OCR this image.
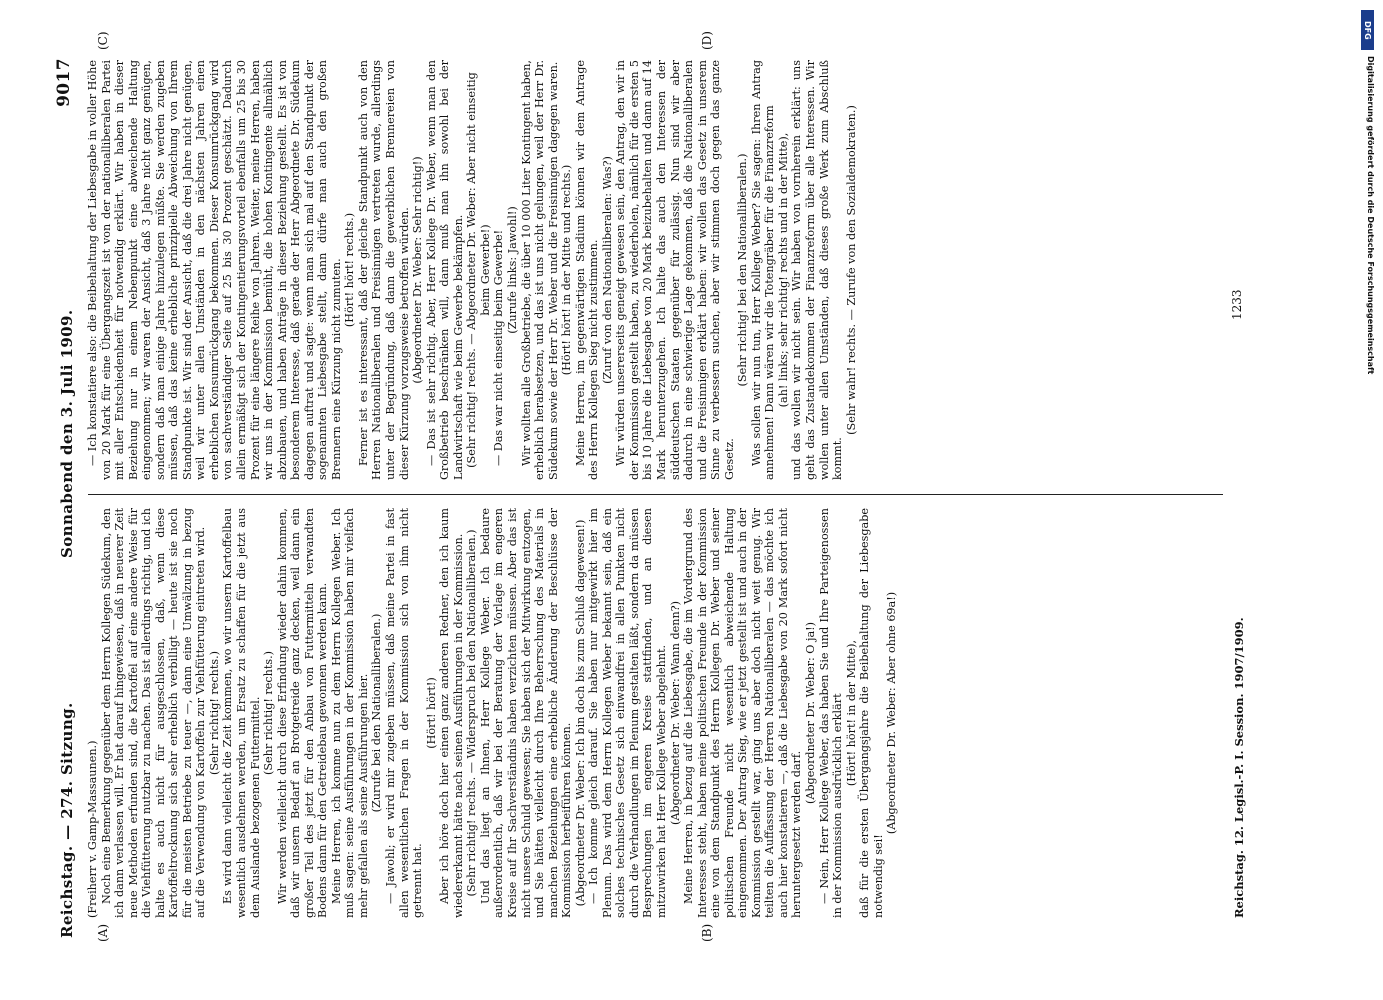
Reichstag. — 274. Sitzung.
Sonnabend den 3. Juli 1909.
9017
(A)	(B)
(C)	(D)

(Freiherr v. Gamp-Massaunen.) Noch eine Bemerkung gegenüber dem Herrn Kollegen Südekum, den ich dann verlassen will. Er hat darauf hingewiesen, daß in neuerer Zeit neue Methoden erfunden sind, die Kartoffel auf eine andere Weise für die Viehfütterung nutzbar zu machen. Das ist allerdings richtig, und ich halte es auch nicht für ausgeschlossen, daß, wenn diese Kartoffeltrocknung sich sehr erheblich verbilligt — heute ist sie noch für die meisten Betriebe zu teuer —, dann eine Umwälzung in bezug auf die Verwendung von Kartoffeln zur Viehfütterung eintreten wird. (Sehr richtig! rechts.) Es wird dann vielleicht die Zeit kommen, wo wir unsern Kartoffelbau wesentlich ausdehnen werden, um Ersatz zu schaffen für die jetzt aus dem Auslande bezogenen Futtermittel. (Sehr richtig! rechts.) Wir werden vielleicht durch diese Erfindung wieder dahin kommen, daß wir unsern Bedarf an Brotgetreide ganz decken, weil dann ein großer Teil des jetzt für den Anbau von Futtermitteln verwandten Bodens dann für den Getreidebau gewonnen werden kann. Meine Herren, ich komme nun zu dem Herrn Kollegen Weber. Ich muß sagen: seine Ausführungen in der Kommission haben mir vielfach mehr gefallen als seine Ausführungen hier. (Zurufe bei den Nationalliberalen.) — Jawohl; er wird mir zugeben müssen, daß meine Partei in fast allen wesentlichen Fragen in der Kommission sich von ihm nicht getrennt hat.

(Hört! hört!) Aber ich höre doch hier einen ganz anderen Redner, den ich kaum wiedererkannt hätte nach seinen Ausführungen in der Kommission. (Sehr richtig! rechts. — Widerspruch bei den Nationalliberalen.) Und das liegt an Ihnen, Herr Kollege Weber. Ich bedaure außerordentlich, daß wir bei der Beratung der Vorlage im engeren Kreise auf Ihr Sachverständnis haben verzichten müssen. Aber das ist nicht unsere Schuld gewesen; Sie haben sich der Mitwirkung entzogen, und Sie hätten vielleicht durch Ihre Beherrschung des Materials in manchen Beziehungen eine erhebliche Änderung der Beschlüsse der Kommission herbeiführen können. (Abgeordneter Dr. Weber: Ich bin doch bis zum Schluß dagewesen!) — Ich komme gleich darauf. Sie haben nur mitgewirkt hier im Plenum. Das wird dem Herrn Kollegen Weber bekannt sein, daß ein solches technisches Gesetz sich einwandfrei in allen Punkten nicht durch die Verhandlungen im Plenum gestalten läßt, sondern da müssen Besprechungen im engeren Kreise stattfinden, und an diesen mitzuwirken hat Herr Kollege Weber abgelehnt. (Abgeordneter Dr. Weber: Wann denn?) Meine Herren, in bezug auf die Liebesgabe, die im Vordergrund des Interesses steht, haben meine politischen Freunde in der Kommission eine von dem Standpunkt des Herrn Kollegen Dr. Weber und seiner politischen Freunde nicht wesentlich abweichende Haltung eingenommen. Der Antrag Sieg, wie er jetzt gestellt ist und auch in der Kommission gestellt war, ging uns aber doch nicht weit genug. Wir teilten die Auffassung der Herren Nationalliberalen — das möchte ich auch hier konstatieren —, daß die Liebesgabe von 20 Mark sofort nicht heruntergesetzt werden darf.

(Abgeordneter Dr. Weber: O ja!) — Nein, Herr Kollege Weber, das haben Sie und Ihre Parteigenossen in der Kommission ausdrücklich erklärt (Hört! hört! in der Mitte), daß für die ersten Übergangsjahre die Beibehaltung der Liebesgabe notwendig sei!

(Abgeordneter Dr. Weber: Aber ohne 69a!)

— Ich konstatiere also: die Beibehaltung der Liebesgabe in voller Höhe von 20 Mark für eine Übergangszeit ist von der nationalliberalen Partei mit aller Entschiedenheit für notwendig erklärt. Wir haben in dieser Beziehung nur in einem Nebenpunkt eine abweichende Haltung eingenommen; wir waren der Ansicht, daß 3 Jahre nicht ganz genügen, sondern daß man einige Jahre hinzulegen müßte. Sie werden zugeben müssen, daß das keine erhebliche prinzipielle Abweichung von Ihrem Standpunkte ist. Wir sind der Ansicht, daß die drei Jahre nicht genügen, weil wir unter allen Umständen in den nächsten Jahren einen erheblichen Konsumrückgang bekommen. Dieser Konsumrückgang wird von sachverständiger Seite auf 25 bis 30 Prozent geschätzt. Dadurch allein ermäßigt sich der Kontingentierungsvorteil ebenfalls um 25 bis 30 Prozent für eine längere Reihe von Jahren. Weiter, meine Herren, haben wir uns in der Kommission bemüht, die hohen Kontingente allmählich abzubauen, und haben Anträge in dieser Beziehung gestellt. Es ist von besonderem Interesse, daß gerade der Herr Abgeordnete Dr. Südekum dagegen auftrat und sagte: wenn man sich mal auf den Standpunkt der sogenannten Liebesgabe stellt, dann dürfe man auch den großen Brennern eine Kürzung nicht zumuten. (Hört! hört! rechts.) Ferner ist es interessant, daß der gleiche Standpunkt auch von den Herren Nationalliberalen und Freisinnigen vertreten wurde, allerdings unter der Begründung, daß dann die gewerblichen Brennereien von dieser Kürzung vorzugsweise betroffen würden. (Abgeordneter Dr. Weber: Sehr richtig!) — Das ist sehr richtig. Aber, Herr Kollege Dr. Weber, wenn man den Großbetrieb beschränken will, dann muß man ihn sowohl bei der Landwirtschaft wie beim Gewerbe bekämpfen. (Sehr richtig! rechts. — Abgeordneter Dr. Weber: Aber nicht einseitig beim Gewerbe!) — Das war nicht einseitig beim Gewerbe! (Zurufe links: Jawohl!) Wir wollten alle Großbetriebe, die über 10 000 Liter Kontingent haben, erheblich herabsetzen, und das ist uns nicht gelungen, weil der Herr Dr. Südekum sowie der Herr Dr. Weber und die Freisinnigen dagegen waren. (Hört! hört! in der Mitte und rechts.) Meine Herren, im gegenwärtigen Stadium können wir dem Antrage des Herrn Kollegen Sieg nicht zustimmen. (Zuruf von den Nationalliberalen: Was?) Wir würden unsererseits geneigt gewesen sein, den Antrag, den wir in der Kommission gestellt haben, zu wiederholen, nämlich für die ersten 5 bis 10 Jahre die Liebesgabe von 20 Mark beizubehalten und dann auf 14 Mark herunterzugehen. Ich halte das auch den Interessen der süddeutschen Staaten gegenüber für zulässig. Nun sind wir aber dadurch in eine schwierige Lage gekommen, daß die Nationalliberalen und die Freisinnigen erklärt haben: wir wollen das Gesetz in unserem Sinne zu verbessern suchen, aber wir stimmen doch gegen das ganze Gesetz.

(Sehr richtig! bei den Nationalliberalen.) Was sollen wir nun tun, Herr Kollege Weber? Sie sagen: Ihren Antrag annehmen! Dann wären wir die Totengräber für die Finanzreform (ah! links; sehr richtig! rechts und in der Mitte), und das wollen wir nicht sein. Wir haben von vornherein erklärt: uns geht das Zustandekommen der Finanzreform über alle Interessen. Wir wollen unter allen Umständen, daß dieses große Werk zum Abschluß kommt.

(Sehr wahr! rechts. — Zurufe von den Sozialdemokraten.)

Reichstag. 12. Legisl.-P. I. Session. 1907/1909.
1233
DFG
Digitalisierung gefördert durch die Deutsche Forschungsgemeinschaft
